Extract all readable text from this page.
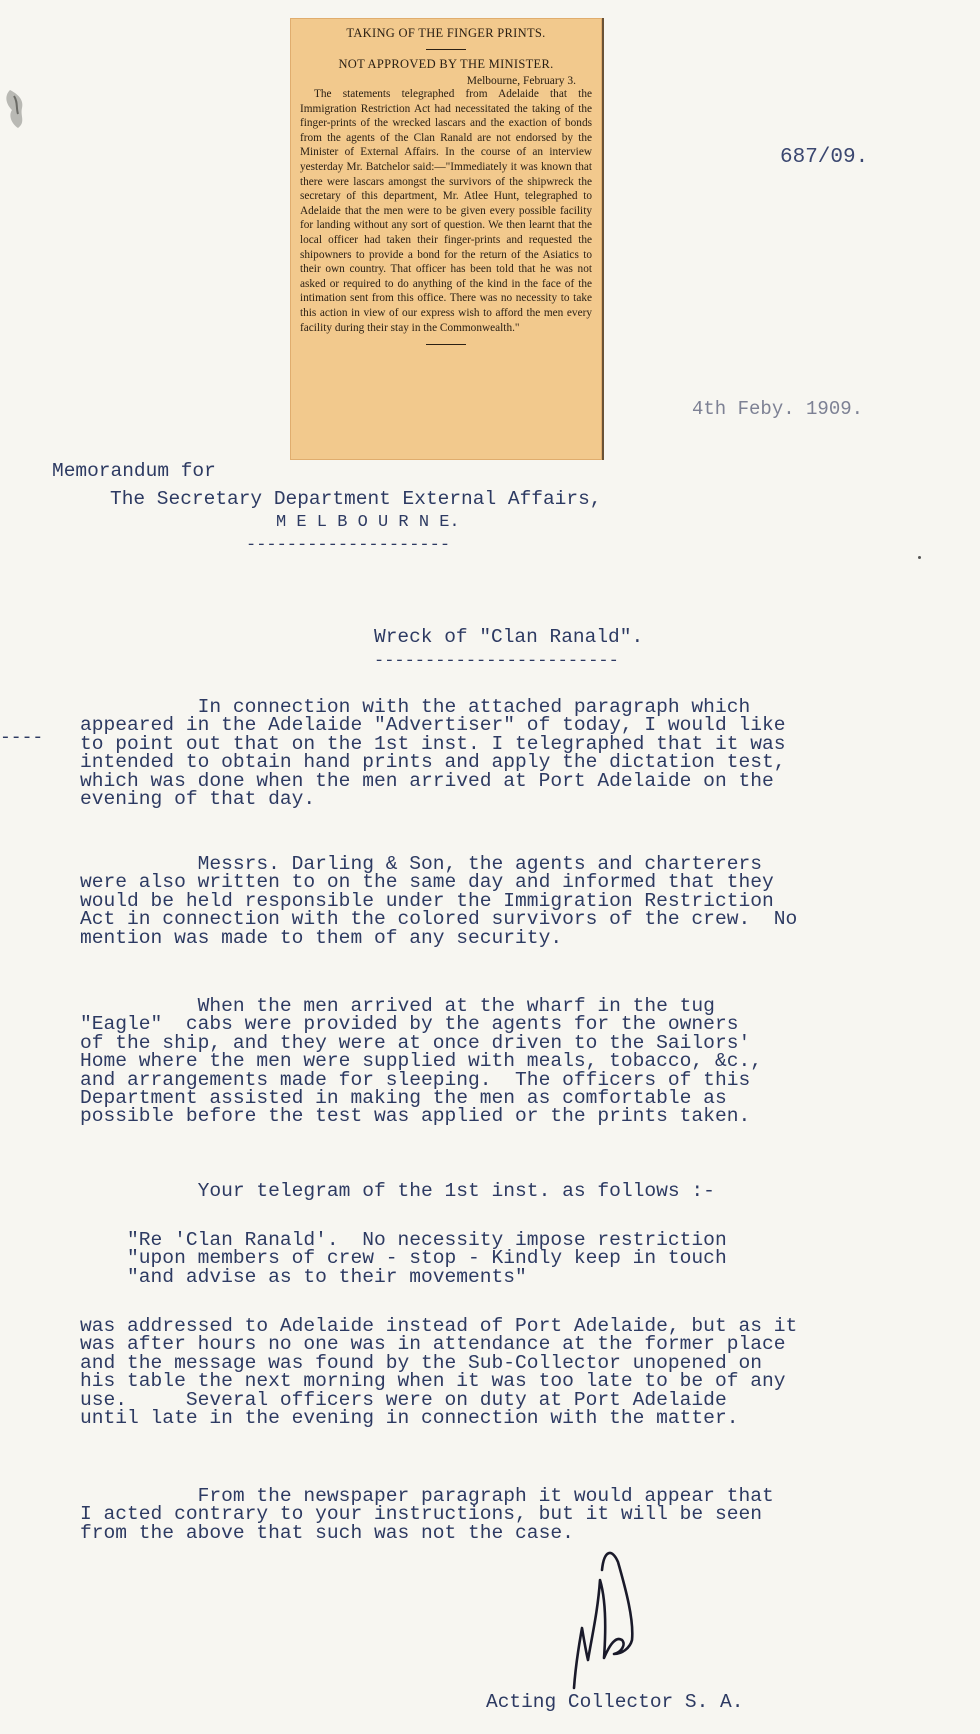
TAKING OF THE FINGER PRINTS.
NOT APPROVED BY THE MINISTER.
Melbourne, February 3.
The statements telegraphed from Adelaide that the Immigration Restriction Act had necessitated the taking of the finger-prints of the wrecked lascars and the exaction of bonds from the agents of the Clan Ranald are not endorsed by the Minister of External Affairs. In the course of an interview yesterday Mr. Batchelor said:—"Immediately it was known that there were lascars amongst the survivors of the shipwreck the secretary of this department, Mr. Atlee Hunt, telegraphed to Adelaide that the men were to be given every possible facility for landing without any sort of question. We then learnt that the local officer had taken their finger-prints and requested the shipowners to provide a bond for the return of the Asiatics to their own country. That officer has been told that he was not asked or required to do anything of the kind in the face of the intimation sent from this office. There was no necessity to take this action in view of our express wish to afford the men every facility during their stay in the Commonwealth."
687/09.
4th Feby. 1909.
Memorandum for
The Secretary Department External Affairs,
M E L B O U R N E.
--------------------
Wreck of "Clan Ranald".
------------------------
----
In connection with the attached paragraph which
appeared in the Adelaide "Advertiser" of today, I would like
to point out that on the 1st inst. I telegraphed that it was
intended to obtain hand prints and apply the dictation test,
which was done when the men arrived at Port Adelaide on the
evening of that day.
Messrs. Darling & Son, the agents and charterers
were also written to on the same day and informed that they
would be held responsible under the Immigration Restriction
Act in connection with the colored survivors of the crew.  No
mention was made to them of any security.
When the men arrived at the wharf in the tug
"Eagle"  cabs were provided by the agents for the owners
of the ship, and they were at once driven to the Sailors'
Home where the men were supplied with meals, tobacco, &c.,
and arrangements made for sleeping.  The officers of this
Department assisted in making the men as comfortable as
possible before the test was applied or the prints taken.
Your telegram of the 1st inst. as follows :-
"Re 'Clan Ranald'.  No necessity impose restriction
"upon members of crew - stop - Kindly keep in touch
"and advise as to their movements"
was addressed to Adelaide instead of Port Adelaide, but as it
was after hours no one was in attendance at the former place
and the message was found by the Sub-Collector unopened on
his table the next morning when it was too late to be of any
use.     Several officers were on duty at Port Adelaide
until late in the evening in connection with the matter.
From the newspaper paragraph it would appear that
I acted contrary to your instructions, but it will be seen
from the above that such was not the case.
Acting Collector S. A.
